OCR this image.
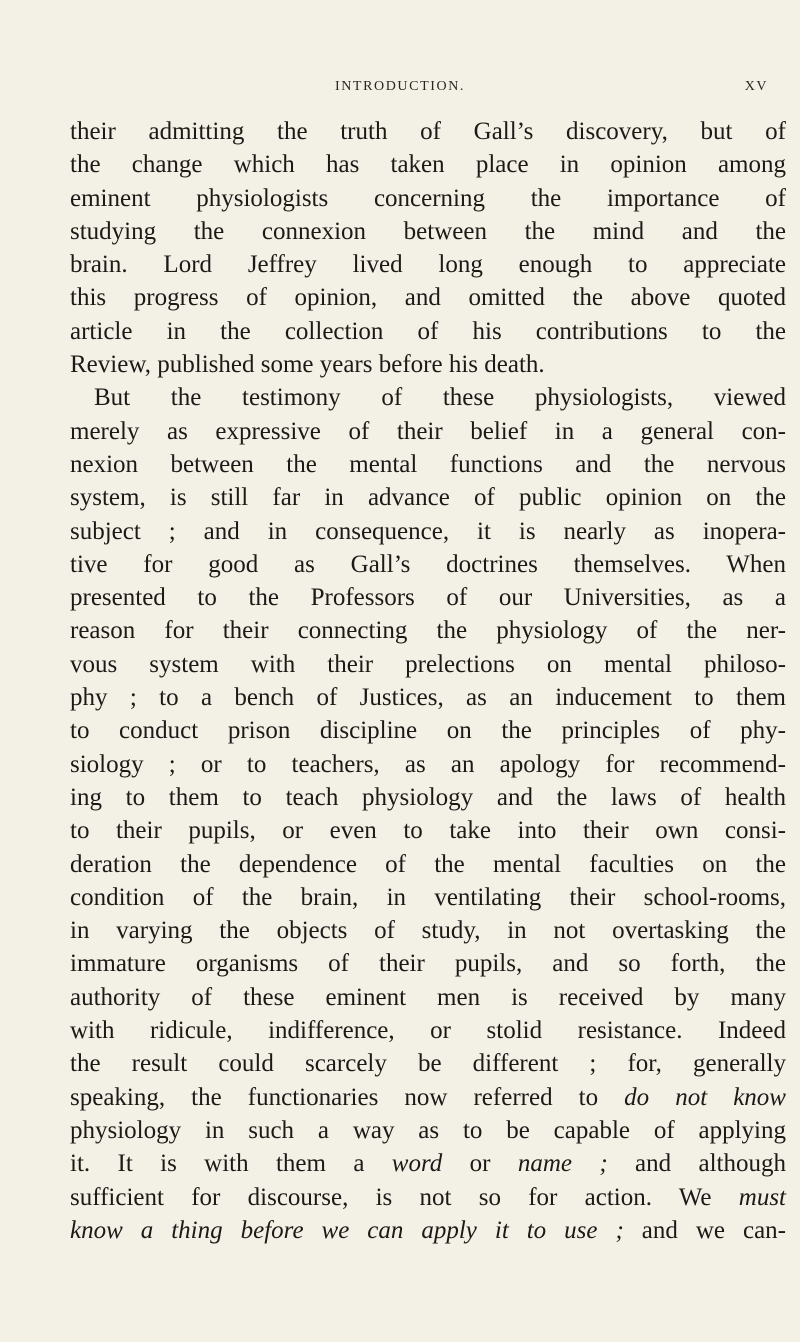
INTRODUCTION.	XV
their admitting the truth of Gall’s discovery, but of
the change which has taken place in opinion among
eminent physiologists concerning the importance of
studying the connexion between the mind and the
brain. Lord Jeffrey lived long enough to appreciate
this progress of opinion, and omitted the above quoted
article in the collection of his contributions to the
Review, published some years before his death.
But the testimony of these physiologists, viewed
merely as expressive of their belief in a general con-
nexion between the mental functions and the nervous
system, is still far in advance of public opinion on the
subject ; and in consequence, it is nearly as inopera-
tive for good as Gall’s doctrines themselves. When
presented to the Professors of our Universities, as a
reason for their connecting the physiology of the ner-
vous system with their prelections on mental philoso-
phy ; to a bench of Justices, as an inducement to them
to conduct prison discipline on the principles of phy-
siology ; or to teachers, as an apology for recommend-
ing to them to teach physiology and the laws of health
to their pupils, or even to take into their own consi-
deration the dependence of the mental faculties on the
condition of the brain, in ventilating their school-rooms,
in varying the objects of study, in not overtasking the
immature organisms of their pupils, and so forth, the
authority of these eminent men is received by many
with ridicule, indifference, or stolid resistance. Indeed
the result could scarcely be different ; for, generally
speaking, the functionaries now referred to do not know
physiology in such a way as to be capable of applying
it. It is with them a word or name ; and although
sufficient for discourse, is not so for action. We must
know a thing before we can apply it to use ; and we can-
